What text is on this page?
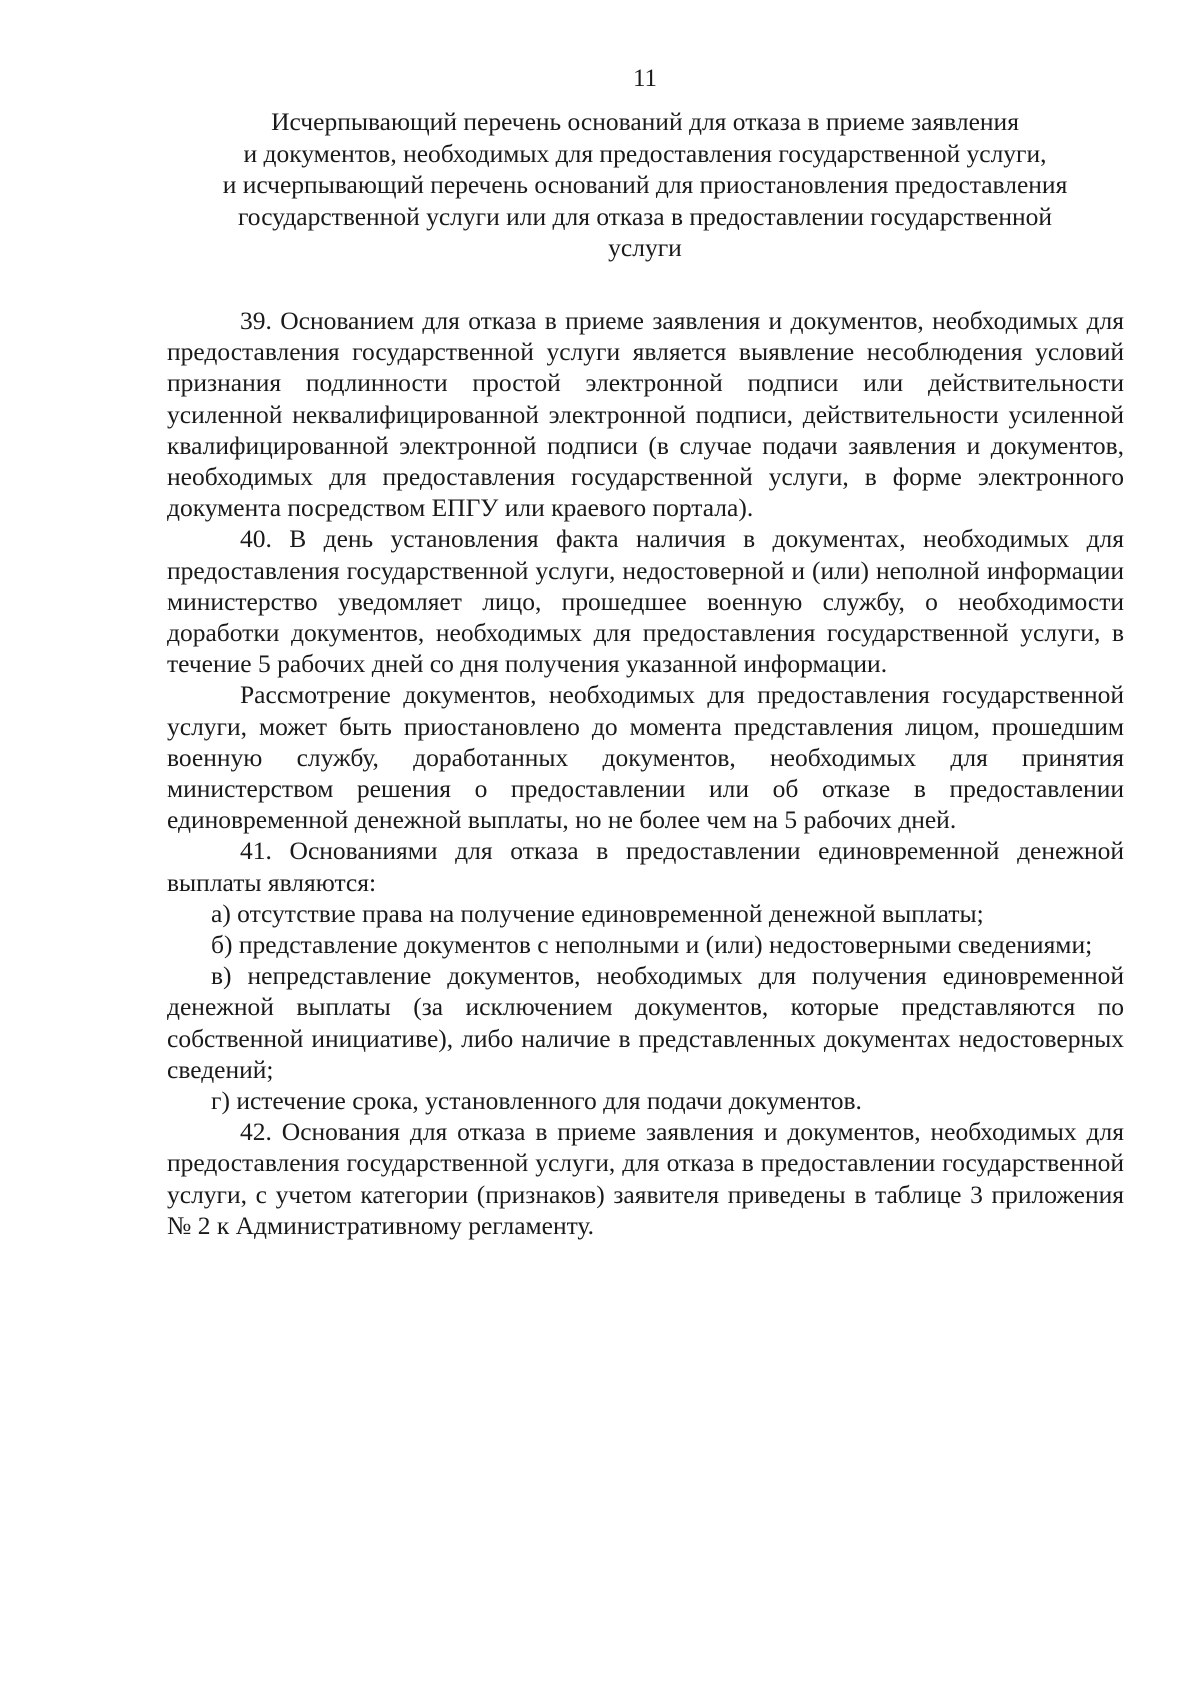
11
Исчерпывающий перечень оснований для отказа в приеме заявления
и документов, необходимых для предоставления государственной услуги,
и исчерпывающий перечень оснований для приостановления предоставления
государственной услуги или для отказа в предоставлении государственной
услуги

39. Основанием для отказа в приеме заявления и документов, необходимых для предоставления государственной услуги является выявление несоблюдения условий признания подлинности простой электронной подписи или действительности усиленной неквалифицированной электронной подписи, действительности усиленной квалифицированной электронной подписи (в случае подачи заявления и документов, необходимых для предоставления государственной услуги, в форме электронного документа посредством ЕПГУ или краевого портала).

40. В день установления факта наличия в документах, необходимых для предоставления государственной услуги, недостоверной и (или) неполной информации министерство уведомляет лицо, прошедшее военную службу, о необходимости доработки документов, необходимых для предоставления государственной услуги, в течение 5 рабочих дней со дня получения указанной информации.

Рассмотрение документов, необходимых для предоставления государственной услуги, может быть приостановлено до момента представления лицом, прошедшим военную службу, доработанных документов, необходимых для принятия министерством решения о предоставлении или об отказе в предоставлении единовременной денежной выплаты, но не более чем на 5 рабочих дней.

41. Основаниями для отказа в предоставлении единовременной денежной выплаты являются:

а) отсутствие права на получение единовременной денежной выплаты;

б) представление документов с неполными и (или) недостоверными сведениями;

в) непредставление документов, необходимых для получения единовременной денежной выплаты (за исключением документов, которые представляются по собственной инициативе), либо наличие в представленных документах недостоверных сведений;

г) истечение срока, установленного для подачи документов.

42. Основания для отказа в приеме заявления и документов, необходимых для предоставления государственной услуги, для отказа в предоставлении государственной услуги, с учетом категории (признаков) заявителя приведены в таблице 3 приложения № 2 к Административному регламенту.
